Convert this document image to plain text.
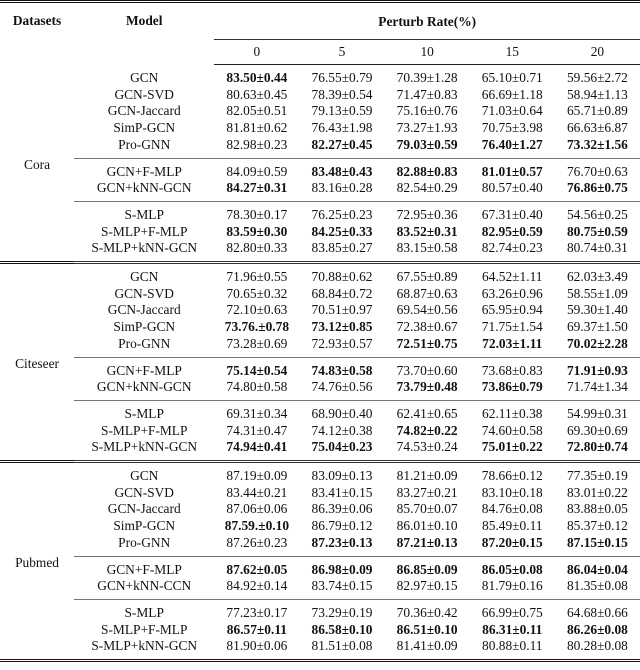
Datasets	Model	Perturb Rate(%)				
		0	5	10	15	20
Cora	GCN	83.50±0.44	76.55±0.79	70.39±1.28	65.10±0.71	59.56±2.72
	GCN-SVD	80.63±0.45	78.39±0.54	71.47±0.83	66.69±1.18	58.94±1.13
	GCN-Jaccard	82.05±0.51	79.13±0.59	75.16±0.76	71.03±0.64	65.71±0.89
	SimP-GCN	81.81±0.62	76.43±1.98	73.27±1.93	70.75±3.98	66.63±6.87
	Pro-GNN	82.98±0.23	82.27±0.45	79.03±0.59	76.40±1.27	73.32±1.56
	GCN+F-MLP	84.09±0.59	83.48±0.43	82.88±0.83	81.01±0.57	76.70±0.63
	GCN+kNN-GCN	84.27±0.31	83.16±0.28	82.54±0.29	80.57±0.40	76.86±0.75
	S-MLP	78.30±0.17	76.25±0.23	72.95±0.36	67.31±0.40	54.56±0.25
	S-MLP+F-MLP	83.59±0.30	84.25±0.33	83.52±0.31	82.95±0.59	80.75±0.59
	S-MLP+kNN-GCN	82.80±0.33	83.85±0.27	83.15±0.58	82.74±0.23	80.74±0.31
Citeseer	GCN	71.96±0.55	70.88±0.62	67.55±0.89	64.52±1.11	62.03±3.49
	GCN-SVD	70.65±0.32	68.84±0.72	68.87±0.63	63.26±0.96	58.55±1.09
	GCN-Jaccard	72.10±0.63	70.51±0.97	69.54±0.56	65.95±0.94	59.30±1.40
	SimP-GCN	73.76.±0.78	73.12±0.85	72.38±0.67	71.75±1.54	69.37±1.50
	Pro-GNN	73.28±0.69	72.93±0.57	72.51±0.75	72.03±1.11	70.02±2.28
	GCN+F-MLP	75.14±0.54	74.83±0.58	73.70±0.60	73.68±0.83	71.91±0.93
	GCN+kNN-GCN	74.80±0.58	74.76±0.56	73.79±0.48	73.86±0.79	71.74±1.34
	S-MLP	69.31±0.34	68.90±0.40	62.41±0.65	62.11±0.38	54.99±0.31
	S-MLP+F-MLP	74.31±0.47	74.12±0.38	74.82±0.22	74.60±0.58	69.30±0.69
	S-MLP+kNN-GCN	74.94±0.41	75.04±0.23	74.53±0.24	75.01±0.22	72.80±0.74
Pubmed	GCN	87.19±0.09	83.09±0.13	81.21±0.09	78.66±0.12	77.35±0.19
	GCN-SVD	83.44±0.21	83.41±0.15	83.27±0.21	83.10±0.18	83.01±0.22
	GCN-Jaccard	87.06±0.06	86.39±0.06	85.70±0.07	84.76±0.08	83.88±0.05
	SimP-GCN	87.59.±0.10	86.79±0.12	86.01±0.10	85.49±0.11	85.37±0.12
	Pro-GNN	87.26±0.23	87.23±0.13	87.21±0.13	87.20±0.15	87.15±0.15
	GCN+F-MLP	87.62±0.05	86.98±0.09	86.85±0.09	86.05±0.08	86.04±0.04
	GCN+kNN-CCN	84.92±0.14	83.74±0.15	82.97±0.15	81.79±0.16	81.35±0.08
	S-MLP	77.23±0.17	73.29±0.19	70.36±0.42	66.99±0.75	64.68±0.66
	S-MLP+F-MLP	86.57±0.11	86.58±0.10	86.51±0.10	86.31±0.11	86.26±0.08
	S-MLP+kNN-GCN	81.90±0.06	81.51±0.08	81.41±0.09	80.88±0.11	80.28±0.08
